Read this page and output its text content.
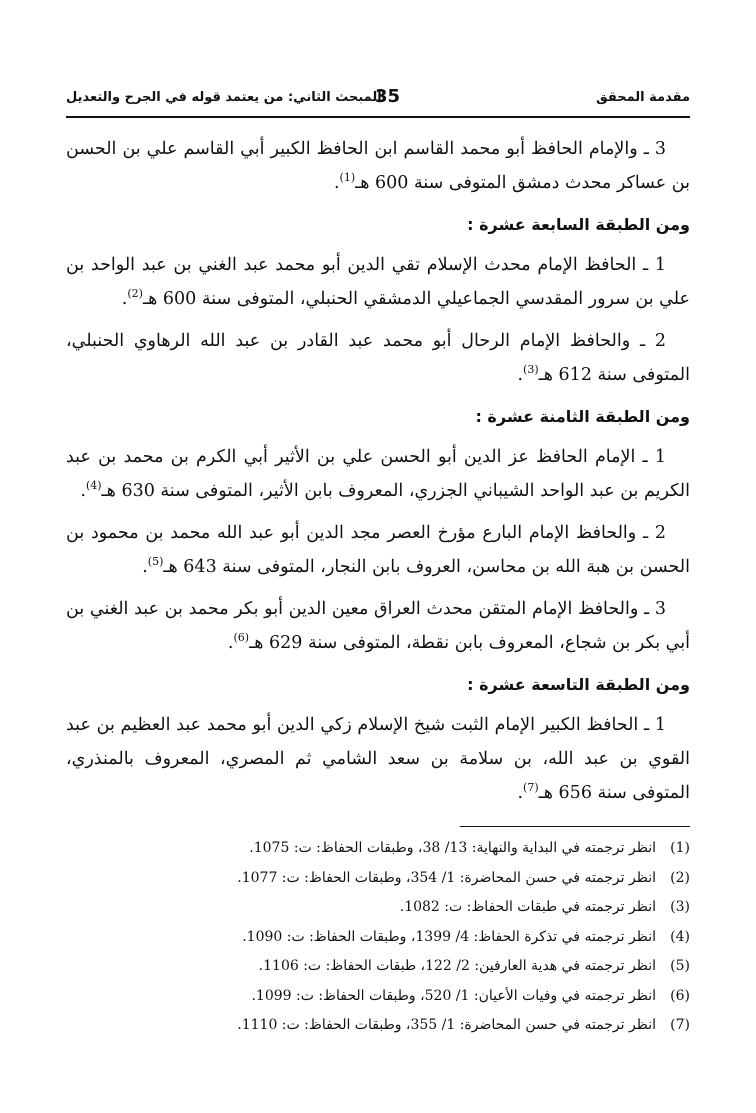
مقدمة المحقق
35
المبحث الثاني: من يعتمد قوله في الجرح والتعديل

3 ـ والإمام الحافظ أبو محمد القاسم ابن الحافظ الكبير أبي القاسم علي بن الحسن بن عساكر محدث دمشق المتوفى سنة 600 هـ$^{(1)}$.

ومن الطبقة السابعة عشرة :

1 ـ الحافظ الإمام محدث الإسلام تقي الدين أبو محمد عبد الغني بن عبد الواحد بن علي بن سرور المقدسي الجماعيلي الدمشقي الحنبلي، المتوفى سنة 600 هـ$^{(2)}$.

2 ـ والحافظ الإمام الرحال أبو محمد عبد القادر بن عبد الله الرهاوي الحنبلي، المتوفى سنة 612 هـ$^{(3)}$.

ومن الطبقة الثامنة عشرة :

1 ـ الإمام الحافظ عز الدين أبو الحسن علي بن الأثير أبي الكرم بن محمد بن عبد الكريم بن عبد الواحد الشيباني الجزري، المعروف بابن الأثير، المتوفى سنة 630 هـ$^{(4)}$.

2 ـ والحافظ الإمام البارع مؤرخ العصر مجد الدين أبو عبد الله محمد بن محمود بن الحسن بن هبة الله بن محاسن، العروف بابن النجار، المتوفى سنة 643 هـ$^{(5)}$.

3 ـ والحافظ الإمام المتقن محدث العراق معين الدين أبو بكر محمد بن عبد الغني بن أبي بكر بن شجاع، المعروف بابن نقطة، المتوفى سنة 629 هـ$^{(6)}$.

ومن الطبقة التاسعة عشرة :

1 ـ الحافظ الكبير الإمام الثبت شيخ الإسلام زكي الدين أبو محمد عبد العظيم بن عبد القوي بن عبد الله، بن سلامة بن سعد الشامي ثم المصري، المعروف بالمنذري، المتوفى سنة 656 هـ$^{(7)}$.

(1)
انظر ترجمته في البداية والنهاية: 13/ 38، وطبقات الحفاظ: ت: 1075.
(2)
انظر ترجمته في حسن المحاضرة: 1/ 354، وطبقات الحفاظ: ت: 1077.
(3)
انظر ترجمته في طبقات الحفاظ: ت: 1082.
(4)
انظر ترجمته في تذكرة الحفاظ: 4/ 1399، وطبقات الحفاظ: ت: 1090.
(5)
انظر ترجمته في هدية العارفين: 2/ 122، طبقات الحفاظ: ت: 1106.
(6)
انظر ترجمته في وفيات الأعيان: 1/ 520، وطبقات الحفاظ: ت: 1099.
(7)
انظر ترجمته في حسن المحاضرة: 1/ 355، وطبقات الحفاظ: ت: 1110.
